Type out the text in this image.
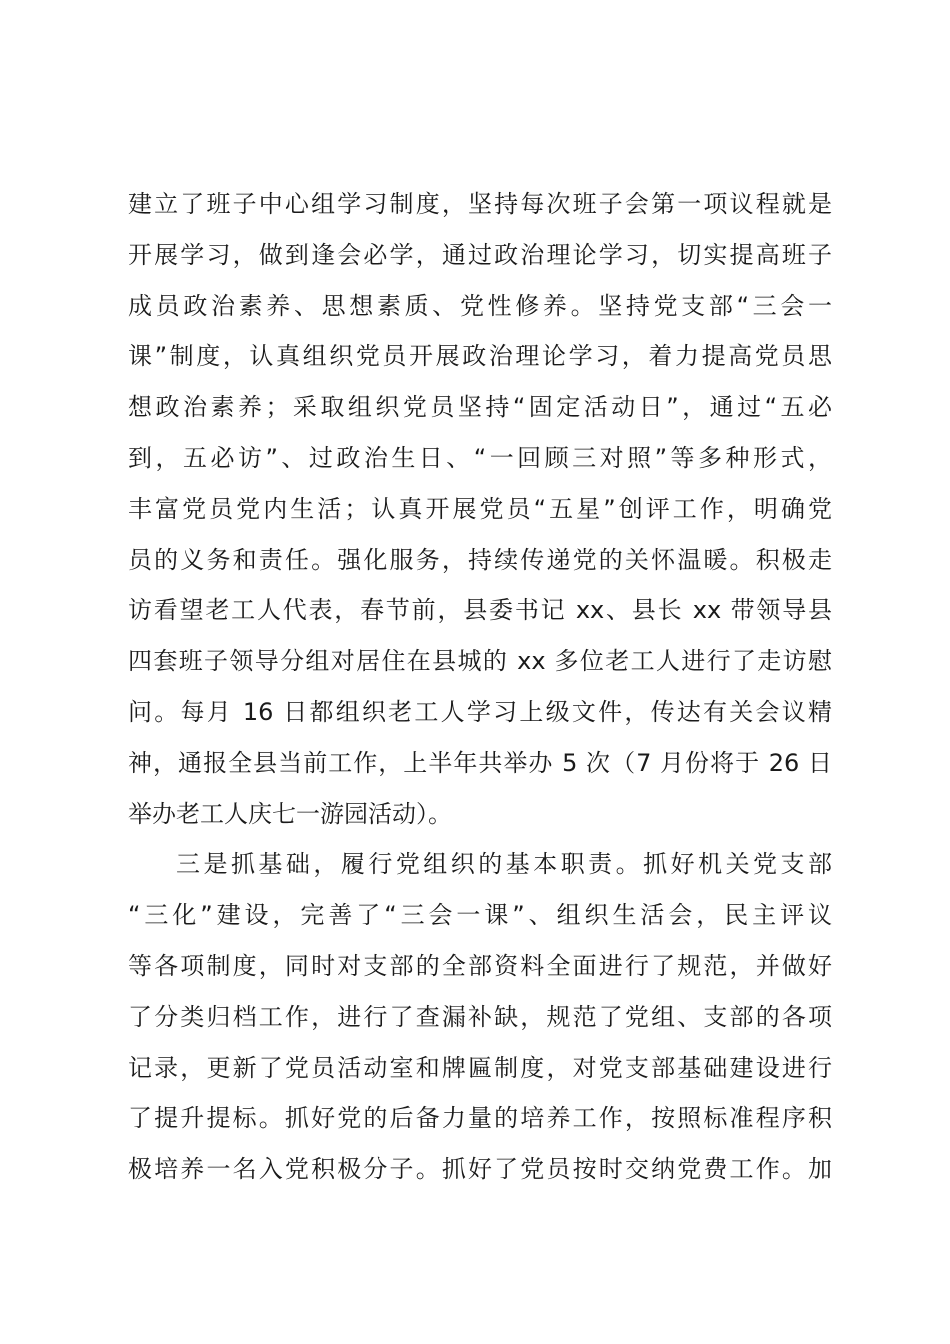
建立了班子中心组学习制度，坚持每次班子会第一项议程就是
开展学习，做到逢会必学，通过政治理论学习，切实提高班子
成员政治素养、思想素质、党性修养。坚持党支部“三会一
课”制度，认真组织党员开展政治理论学习，着力提高党员思
想政治素养；采取组织党员坚持“固定活动日”，通过“五必
到，五必访”、过政治生日、“一回顾三对照”等多种形式，
丰富党员党内生活；认真开展党员“五星”创评工作，明确党
员的义务和责任。强化服务，持续传递党的关怀温暖。积极走
访看望老工人代表，春节前，县委书记 xx、县长 xx 带领导县
四套班子领导分组对居住在县城的 xx 多位老工人进行了走访慰
问。每月 16 日都组织老工人学习上级文件，传达有关会议精
神，通报全县当前工作，上半年共举办 5 次（7 月份将于 26 日
举办老工人庆七一游园活动）。
三是抓基础，履行党组织的基本职责。抓好机关党支部
“三化”建设，完善了“三会一课”、组织生活会，民主评议
等各项制度，同时对支部的全部资料全面进行了规范，并做好
了分类归档工作，进行了查漏补缺，规范了党组、支部的各项
记录，更新了党员活动室和牌匾制度，对党支部基础建设进行
了提升提标。抓好党的后备力量的培养工作，按照标准程序积
极培养一名入党积极分子。抓好了党员按时交纳党费工作。加
